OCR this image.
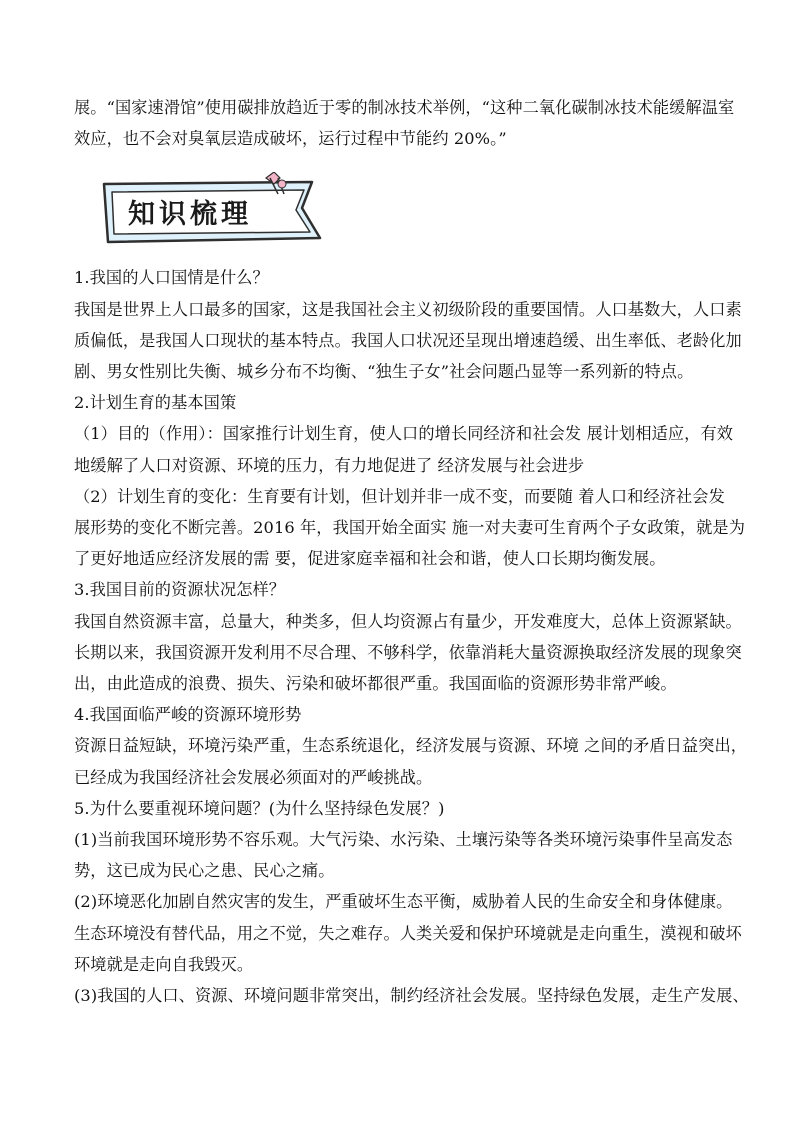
展。“国家速滑馆”使用碳排放趋近于零的制冰技术举例，“这种二氧化碳制冰技术能缓解温室
效应，也不会对臭氧层造成破坏，运行过程中节能约 20%。”
知识梳理
1.我国的人口国情是什么？
我国是世界上人口最多的国家，这是我国社会主义初级阶段的重要国情。人口基数大，人口素
质偏低，是我国人口现状的基本特点。我国人口状况还呈现出增速趋缓、出生率低、老龄化加
剧、男女性别比失衡、城乡分布不均衡、“独生子女”社会问题凸显等一系列新的特点。
2.计划生育的基本国策
（1）目的（作用）：国家推行计划生育，使人口的增长同经济和社会发 展计划相适应，有效
地缓解了人口对资源、环境的压力，有力地促进了 经济发展与社会进步
（2）计划生育的变化：生育要有计划，但计划并非一成不变，而要随 着人口和经济社会发
展形势的变化不断完善。2016 年，我国开始全面实 施一对夫妻可生育两个子女政策，就是为
了更好地适应经济发展的需 要，促进家庭幸福和社会和谐，使人口长期均衡发展。
3.我国目前的资源状况怎样？
我国自然资源丰富，总量大，种类多，但人均资源占有量少，开发难度大，总体上资源紧缺。
长期以来，我国资源开发利用不尽合理、不够科学，依靠消耗大量资源换取经济发展的现象突
出，由此造成的浪费、损失、污染和破坏都很严重。我国面临的资源形势非常严峻。
4.我国面临严峻的资源环境形势
资源日益短缺，环境污染严重，生态系统退化，经济发展与资源、环境 之间的矛盾日益突出，
已经成为我国经济社会发展必须面对的严峻挑战。
5.为什么要重视环境问题？(为什么坚持绿色发展？)
(1)当前我国环境形势不容乐观。大气污染、水污染、土壤污染等各类环境污染事件呈高发态
势，这已成为民心之患、民心之痛。
(2)环境恶化加剧自然灾害的发生，严重破坏生态平衡，威胁着人民的生命安全和身体健康。
生态环境没有替代品，用之不觉，失之难存。人类关爱和保护环境就是走向重生，漠视和破坏
环境就是走向自我毁灭。
(3)我国的人口、资源、环境问题非常突出，制约经济社会发展。坚持绿色发展，走生产发展、
